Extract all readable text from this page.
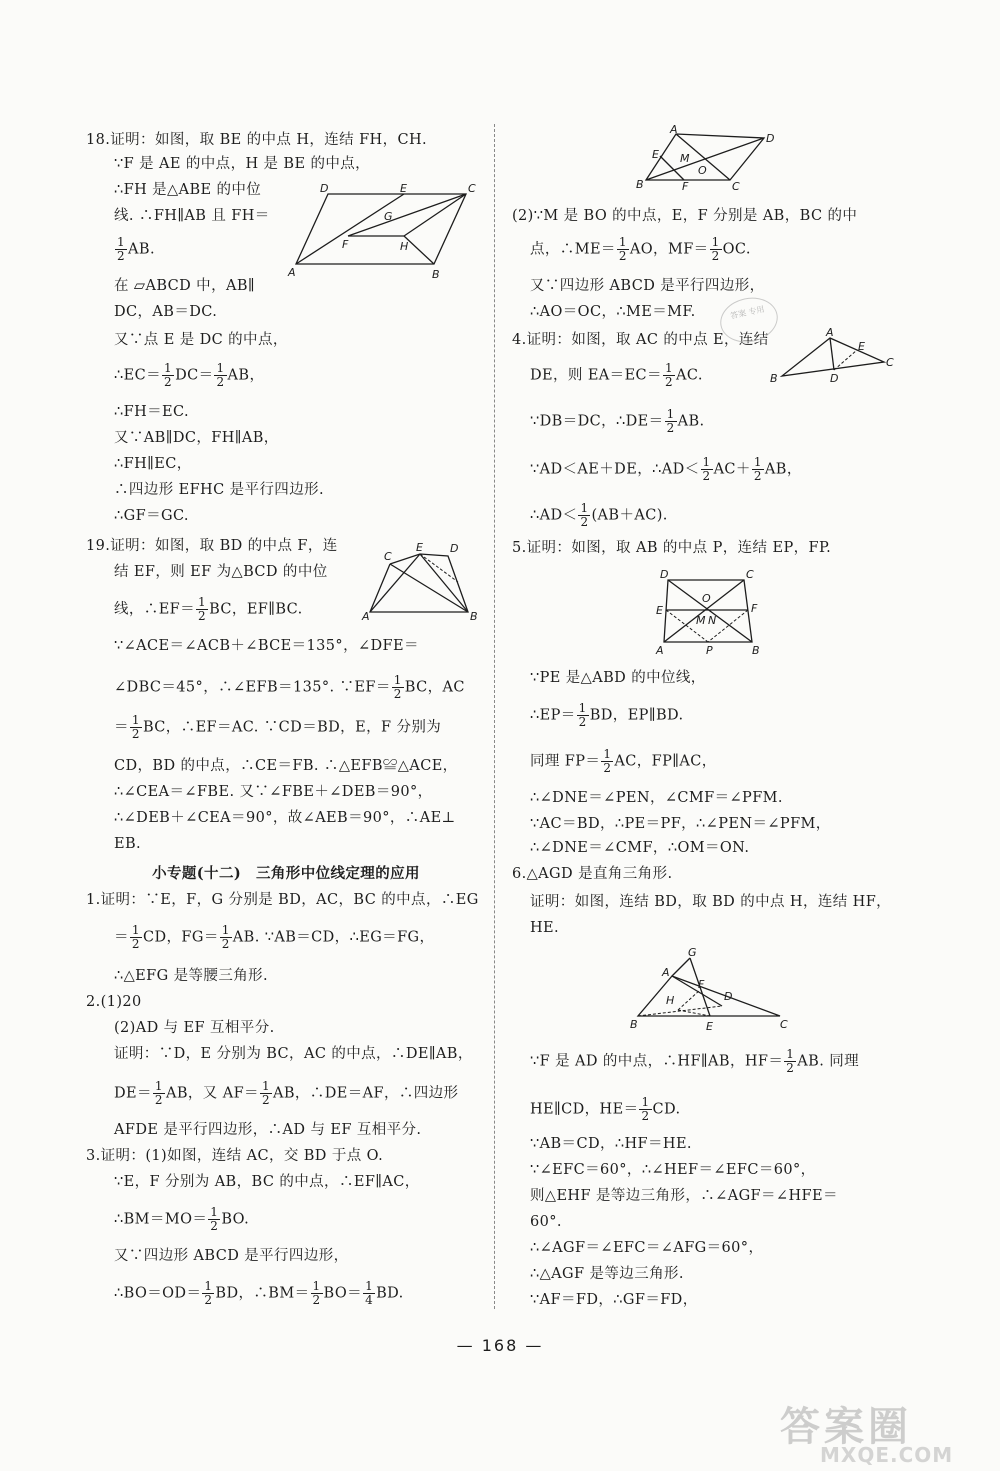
18.证明：如图，取 BE 的中点 H，连结 FH，CH.
∵F 是 AE 的中点，H 是 BE 的中点，
∴FH 是△ABE 的中位
线. ∴FH∥AB 且 FH＝
$\frac{1}{2}$ AB.
在 ▱ABCD 中，AB∥
DC，AB＝DC.
又∵点 E 是 DC 的中点，
∴EC＝ $\frac{1}{2} DC= \frac{1}{2}$ AB，
∴FH＝EC.
又∵AB∥DC，FH∥AB，
∴FH∥EC，
∴四边形 EFHC 是平行四边形.
∴GF＝GC.
19.证明：如图，取 BD 的中点 F，连
结 EF，则 EF 为△BCD 的中位
线，∴EF＝ $\frac{1}{2}$ BC，EF∥BC.
∵∠ACE＝∠ACB＋∠BCE＝135°，∠DFE＝
∠DBC＝45°，∴∠EFB＝135°. ∵EF＝ $\frac{1}{2}$ BC，AC
＝ $\frac{1}{2}$ BC，∴EF＝AC. ∵CD＝BD，E，F 分别为
CD，BD 的中点，∴CE＝FB. ∴△EFB≌△ACE，
∴∠CEA＝∠FBE. 又∵∠FBE＋∠DEB＝90°，
∴∠DEB＋∠CEA＝90°，故∠AEB＝90°，∴AE⊥
EB.
小专题(十二)　三角形中位线定理的应用
1.证明：∵E，F，G 分别是 BD，AC，BC 的中点，∴EG
＝ $\frac{1}{2}$ CD，$FG= \frac{1}{2}$ AB. ∵AB＝CD，∴EG＝FG，
∴△EFG 是等腰三角形.
2.(1)20
(2)AD 与 EF 互相平分.
证明：∵D，E 分别为 BC，AC 的中点，∴DE∥AB，
$DE= \frac{1}{2}$ AB，又 $AF= \frac{1}{2}$ AB，∴DE＝AF，∴四边形
AFDE 是平行四边形，∴AD 与 EF 互相平分.
3.证明：(1)如图，连结 AC，交 BD 于点 O.
∵E，F 分别为 AB，BC 的中点，∴EF∥AC，
∴BM＝MO＝ $\frac{1}{2}$ BO.
又∵四边形 ABCD 是平行四边形，
∴BO＝OD＝ $\frac{1}{2}$ BD，∴BM＝ $\frac{1}{2} BO= \frac{1}{4}$ BD.
D	E	C
G
F	H
A	B
C
E D
A	B
A
D
E M
O
B	F	C
(2)∵M 是 BO 的中点，E，F 分别是 AB，BC 的中
点，∴ME＝ $\frac{1}{2}$ AO，$MF= \frac{1}{2}$ OC.
又∵四边形 ABCD 是平行四边形，
∴AO＝OC，∴ME＝MF.
4.证明：如图，取 AC 的中点 E，连结
DE，则 $EA=EC= \frac{1}{2}$ AC.
∵DB＝DC，∴DE＝ $\frac{1}{2}$ AB.
∵AD＜AE＋DE，∴AD＜ $\frac{1}{2} AC+ \frac{1}{2}$ AB，
∴AD＜ $\frac{1}{2} (AB+AC)$.
5.证明：如图，取 AB 的中点 P，连结 EP，FP.
A
E
C
B	D
D	C
E
O
F
M N
A	P	B
∵PE 是△ABD 的中位线，
∴EP＝ $\frac{1}{2}$ BD，EP∥BD.
同理 $FP= \frac{1}{2}$ AC，FP∥AC，
∴∠DNE＝∠PEN，∠CMF＝∠PFM.
∵AC＝BD，∴PE＝PF，∴∠PEN＝∠PFM，
∴∠DNE＝∠CMF，∴OM＝ON.
6.△AGD 是直角三角形.
证明：如图，连结 BD，取 BD 的中点 H，连结 HF，
HE.
G
A
F
D
H
B	E	C
∵F 是 AD 的中点，∴HF∥AB，$HF= \frac{1}{2}$ AB. 同理
HE∥CD，$HE= \frac{1}{2}$ CD.
∵AB＝CD，∴HF＝HE.
∵∠EFC＝60°，∴∠HEF＝∠EFC＝60°，
则△EHF 是等边三角形，∴∠AGF＝∠HFE＝
60°.
∴∠AGF＝∠EFC＝∠AFG＝60°，
∴△AGF 是等边三角形.
∵AF＝FD，∴GF＝FD，
答案 专用
— 168 —
答案圈
MXQE.COM
